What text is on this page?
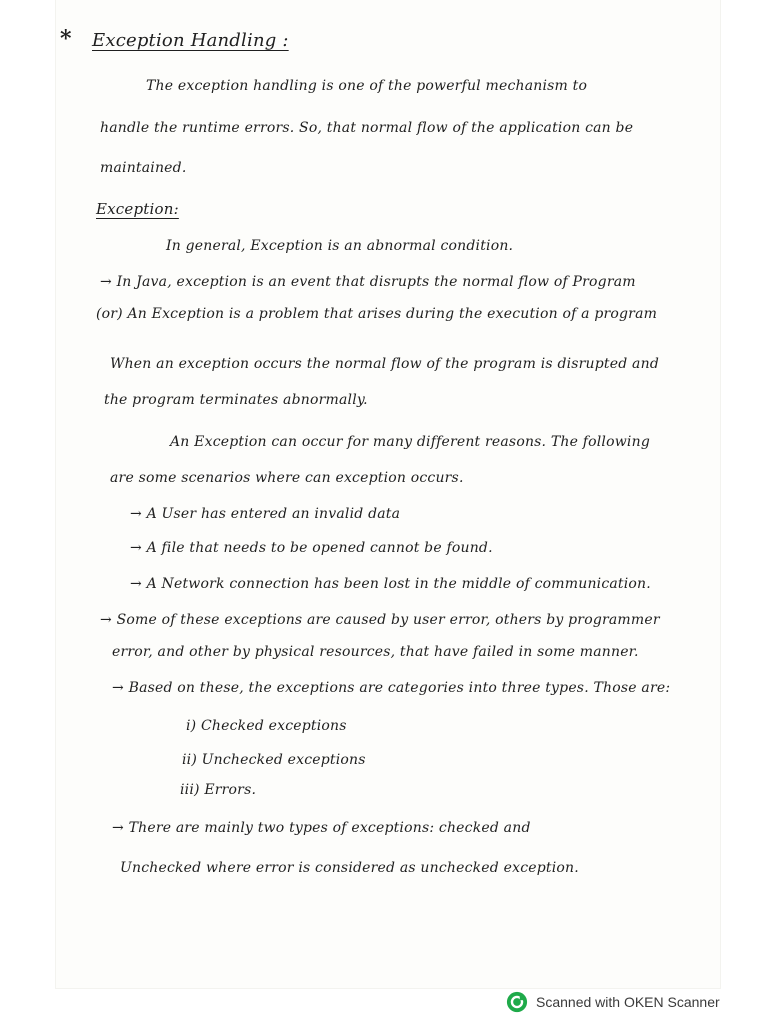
* Exception Handling :
The exception handling is one of the powerful mechanism to
handle the runtime errors. So, that normal flow of the application can be
maintained.
Exception:
In general, Exception is an abnormal condition.
→ In Java, exception is an event that disrupts the normal flow of Program
(or) An Exception is a problem that arises during the execution of a program
When an exception occurs the normal flow of the program is disrupted and
the program terminates abnormally.
An Exception can occur for many different reasons. The following
are some scenarios where can exception occurs.
→ A User has entered an invalid data
→ A file that needs to be opened cannot be found.
→ A Network connection has been lost in the middle of communication.
→ Some of these exceptions are caused by user error, others by programmer
error, and other by physical resources, that have failed in some manner.
→ Based on these, the exceptions are categories into three types. Those are:
i) Checked exceptions
ii) Unchecked exceptions
iii) Errors.
→ There are mainly two types of exceptions: checked and
Unchecked where error is considered as unchecked exception.
Scanned with OKEN Scanner
